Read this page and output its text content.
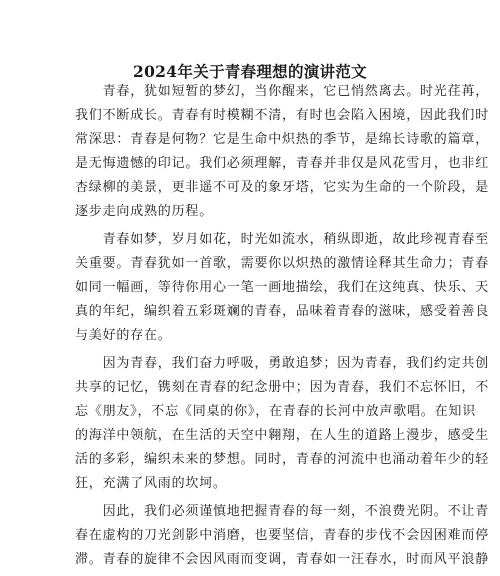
2024年关于青春理想的演讲范文
　　青春，犹如短暂的梦幻，当你醒来，它已悄然离去。时光荏苒，
我们不断成长。青春有时模糊不清，有时也会陷入困境，因此我们时
常深思：青春是何物？它是生命中炽热的季节，是绵长诗歌的篇章，
是无悔遗憾的印记。我们必须理解，青春并非仅是风花雪月，也非红
杏绿柳的美景，更非遥不可及的象牙塔，它实为生命的一个阶段，是
逐步走向成熟的历程。
　　青春如梦，岁月如花，时光如流水，稍纵即逝，故此珍视青春至
关重要。青春犹如一首歌，需要你以炽热的激情诠释其生命力；青春
如同一幅画，等待你用心一笔一画地描绘，我们在这纯真、快乐、天
真的年纪，编织着五彩斑斓的青春，品味着青春的滋味，感受着善良
与美好的存在。
　　因为青春，我们奋力呼吸，勇敢追梦；因为青春，我们约定共创
共享的记忆，镌刻在青春的纪念册中；因为青春，我们不忘怀旧，不
忘《朋友》，不忘《同桌的你》，在青春的长河中放声歌唱。在知识
的海洋中领航，在生活的天空中翱翔，在人生的道路上漫步，感受生
活的多彩，编织未来的梦想。同时，青春的河流中也涌动着年少的轻
狂，充满了风雨的坎坷。
　　因此，我们必须谨慎地把握青春的每一刻，不浪费光阴。不让青
春在虚构的刀光剑影中消磨，也要坚信，青春的步伐不会因困难而停
滞。青春的旋律不会因风雨而变调，青春如一汪春水，时而风平浪静
